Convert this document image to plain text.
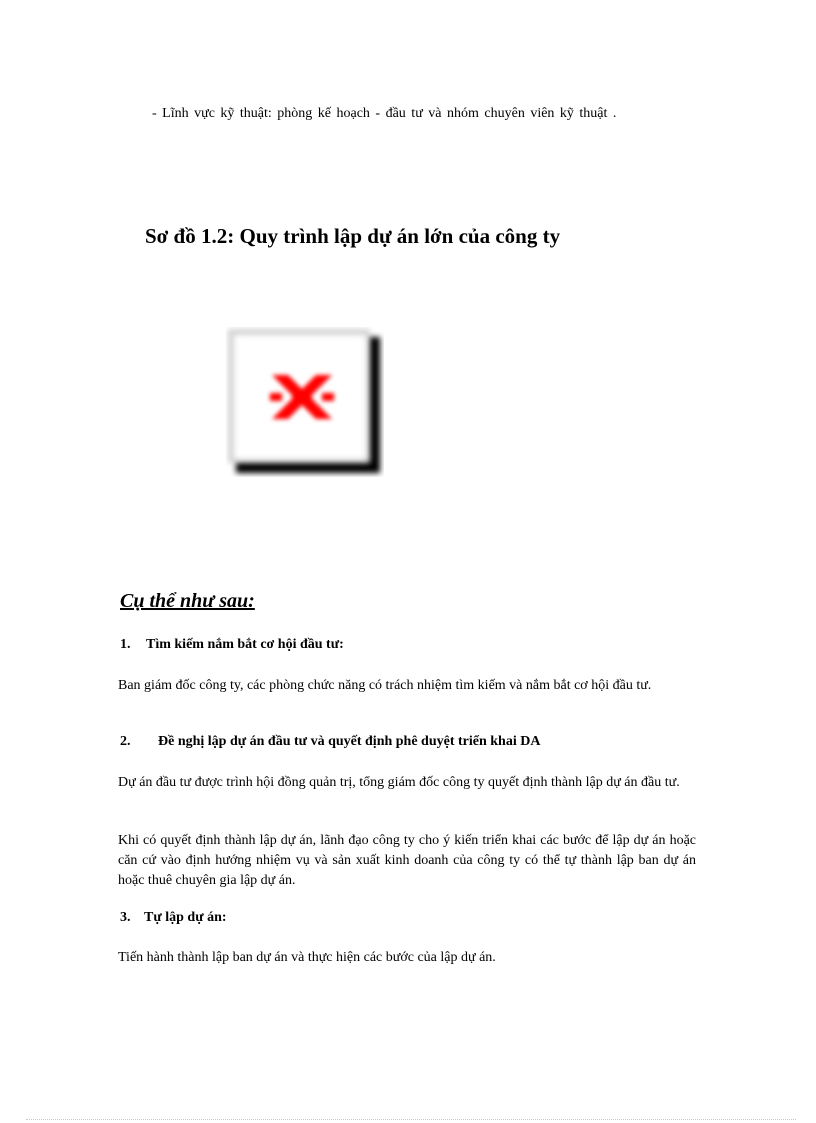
- Lĩnh vực kỹ thuật: phòng kế hoạch - đầu tư và nhóm chuyên viên kỹ thuật .
Sơ đồ 1.2: Quy trình lập dự án lớn của công ty
Cụ thể như sau:
1. Tìm kiếm nắm bắt cơ hội đầu tư:
Ban giám đốc công ty, các phòng chức năng có trách nhiệm tìm kiếm và nắm bắt cơ hội đầu tư.
2. Đề nghị lập dự án đầu tư và quyết định phê duyệt triển khai DA
Dự án đầu tư được trình hội đồng quản trị, tổng giám đốc công ty quyết định thành lập dự án đầu tư.
Khi có quyết định thành lập dự án, lãnh đạo công ty cho ý kiến triển khai các bước để lập dự án hoặc căn cứ vào định hướng nhiệm vụ và sản xuất kinh doanh của công ty có thể tự thành lập ban dự án hoặc thuê chuyên gia lập dự án.
3. Tự lập dự án:
Tiến hành thành lập ban dự án và thực hiện các bước của lập dự án.
